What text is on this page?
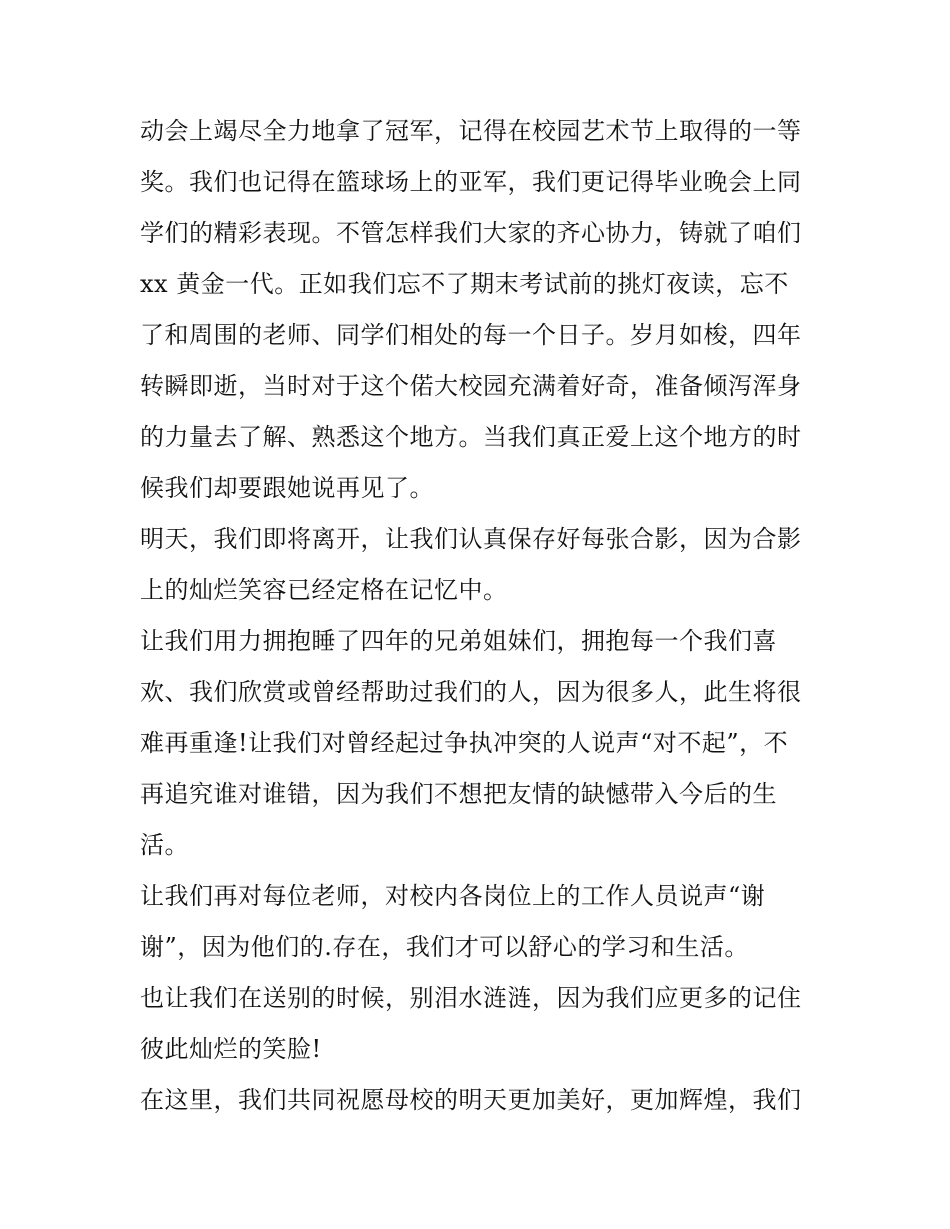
动会上竭尽全力地拿了冠军，记得在校园艺术节上取得的一等
奖。我们也记得在篮球场上的亚军，我们更记得毕业晚会上同
学们的精彩表现。不管怎样我们大家的齐心协力，铸就了咱们
xx 黄金一代。正如我们忘不了期末考试前的挑灯夜读，忘不
了和周围的老师、同学们相处的每一个日子。岁月如梭，四年
转瞬即逝，当时对于这个偌大校园充满着好奇，准备倾泻浑身
的力量去了解、熟悉这个地方。当我们真正爱上这个地方的时
候我们却要跟她说再见了。
明天，我们即将离开，让我们认真保存好每张合影，因为合影
上的灿烂笑容已经定格在记忆中。
让我们用力拥抱睡了四年的兄弟姐妹们，拥抱每一个我们喜
欢、我们欣赏或曾经帮助过我们的人，因为很多人，此生将很
难再重逢!让我们对曾经起过争执冲突的人说声“对不起”，不
再追究谁对谁错，因为我们不想把友情的缺憾带入今后的生
活。
让我们再对每位老师，对校内各岗位上的工作人员说声“谢
谢”，因为他们的.存在，我们才可以舒心的学习和生活。
也让我们在送别的时候，别泪水涟涟，因为我们应更多的记住
彼此灿烂的笑脸!
在这里，我们共同祝愿母校的明天更加美好，更加辉煌，我们
